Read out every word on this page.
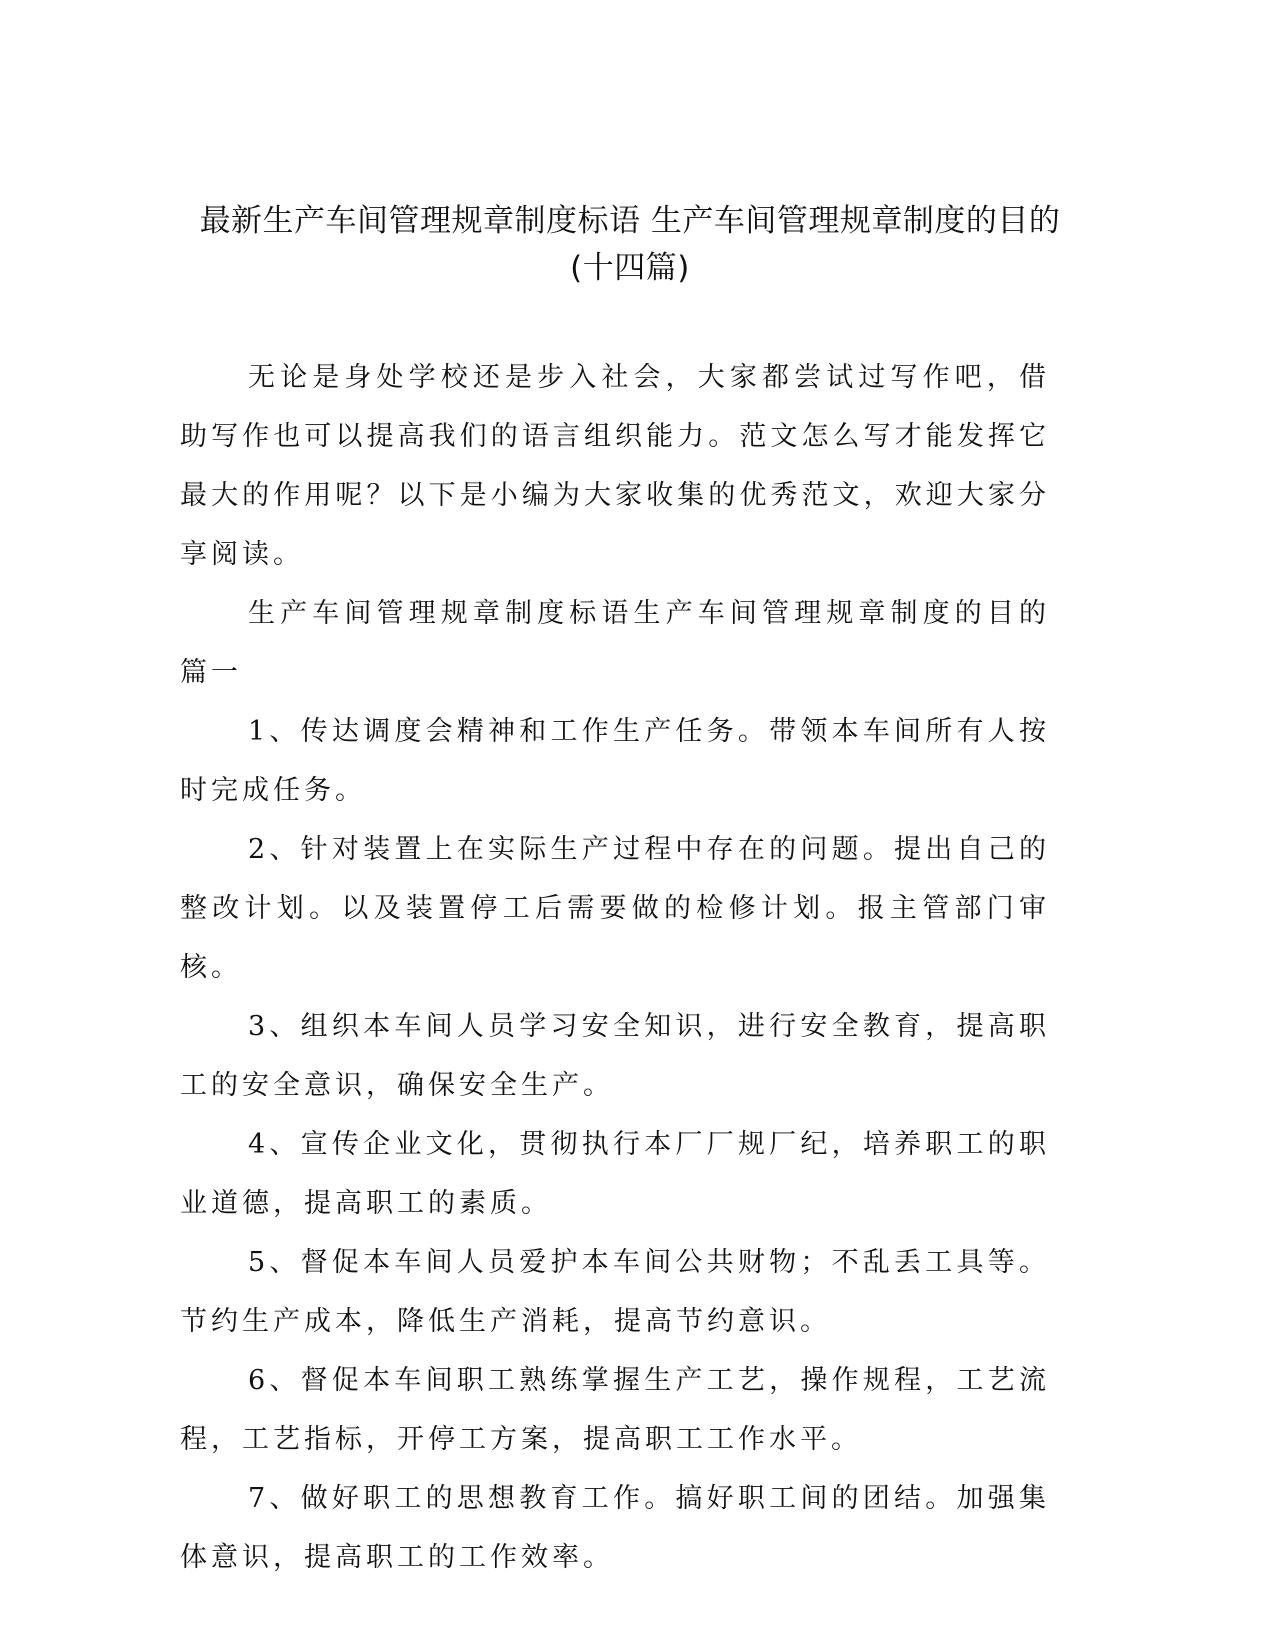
最新生产车间管理规章制度标语 生产车间管理规章制度的目的(十四篇)

无论是身处学校还是步入社会，大家都尝试过写作吧，借助写作也可以提高我们的语言组织能力。范文怎么写才能发挥它最大的作用呢？以下是小编为大家收集的优秀范文，欢迎大家分享阅读。

生产车间管理规章制度标语生产车间管理规章制度的目的篇一

1、传达调度会精神和工作生产任务。带领本车间所有人按时完成任务。

2、针对装置上在实际生产过程中存在的问题。提出自己的整改计划。以及装置停工后需要做的检修计划。报主管部门审核。

3、组织本车间人员学习安全知识，进行安全教育，提高职工的安全意识，确保安全生产。

4、宣传企业文化，贯彻执行本厂厂规厂纪，培养职工的职业道德，提高职工的素质。

5、督促本车间人员爱护本车间公共财物；不乱丢工具等。节约生产成本，降低生产消耗，提高节约意识。

6、督促本车间职工熟练掌握生产工艺，操作规程，工艺流程，工艺指标，开停工方案，提高职工工作水平。

7、做好职工的思想教育工作。搞好职工间的团结。加强集体意识，提高职工的工作效率。
